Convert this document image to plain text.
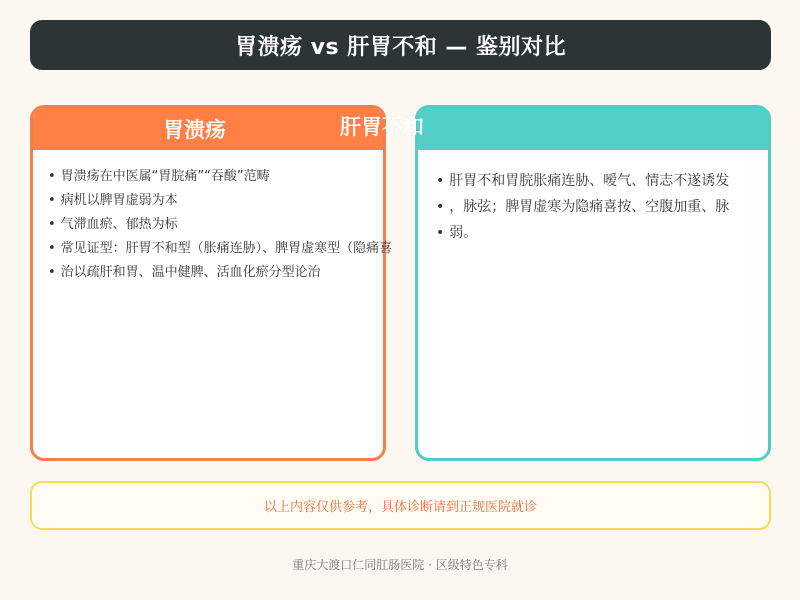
胃溃疡 vs 肝胃不和 — 鉴别对比
胃溃疡
• 胃溃疡在中医属“胃脘痛”“吞酸”范畴
• 病机以脾胃虚弱为本
• 气滞血瘀、郁热为标
• 常见证型：肝胃不和型（胀痛连胁）、脾胃虚寒型（隐痛喜
• 治以疏肝和胃、温中健脾、活血化瘀分型论治
• 肝胃不和胃脘胀痛连胁、嗳气、情志不遂诱发
• ，脉弦；脾胃虚寒为隐痛喜按、空腹加重、脉
• 弱。
肝胃不和
以上内容仅供参考，具体诊断请到正规医院就诊
重庆大渡口仁同肛肠医院 · 区级特色专科
